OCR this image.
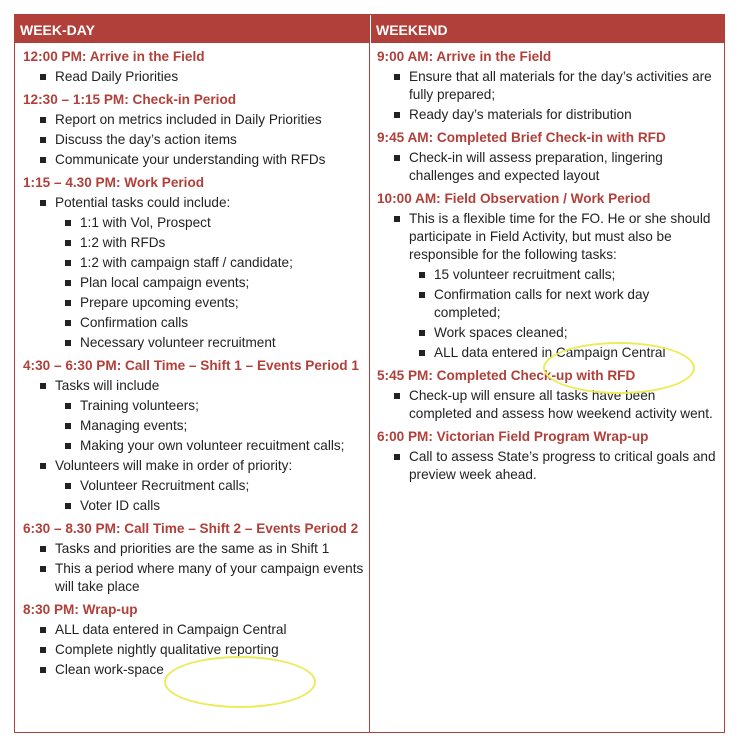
WEEK-DAY	WEEKEND
12:00 PM: Arrive in the Field
Read Daily Priorities
12:30 – 1:15 PM: Check-in Period
Report on metrics included in Daily Priorities
Discuss the day’s action items
Communicate your understanding with RFDs
1:15 – 4.30 PM: Work Period
Potential tasks could include:
1:1 with Vol, Prospect
1:2 with RFDs
1:2 with campaign staff / candidate;
Plan local campaign events;
Prepare upcoming events;
Confirmation calls
Necessary volunteer recruitment
4:30 – 6:30 PM: Call Time – Shift 1 – Events Period 1
Tasks will include
Training volunteers;
Managing events;
Making your own volunteer recuitment calls;
Volunteers will make in order of priority:
Volunteer Recruitment calls;
Voter ID calls
6:30 – 8.30 PM: Call Time – Shift 2 – Events Period 2
Tasks and priorities are the same as in Shift 1
This a period where many of your campaign events will take place
8:30 PM: Wrap-up
ALL data entered in Campaign Central
Complete nightly qualitative reporting
Clean work-space
9:00 AM: Arrive in the Field
Ensure that all materials for the day’s activities are fully prepared;
Ready day’s materials for distribution
9:45 AM: Completed Brief Check-in with RFD
Check-in will assess preparation, lingering challenges and expected layout
10:00 AM: Field Observation / Work Period
This is a flexible time for the FO. He or she should participate in Field Activity, but must also be responsible for the following tasks:
15 volunteer recruitment calls;
Confirmation calls for next work day completed;
Work spaces cleaned;
ALL data entered in Campaign Central
5:45 PM: Completed Check-up with RFD
Check-up will ensure all tasks have been completed and assess how weekend activity went.
6:00 PM: Victorian Field Program Wrap-up
Call to assess State’s progress to critical goals and preview week ahead.
